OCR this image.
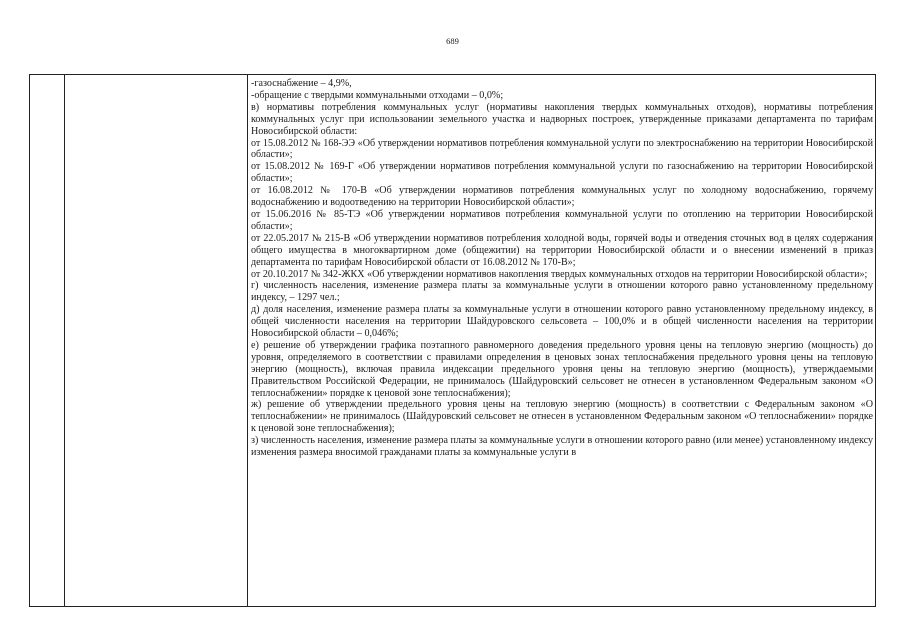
689

-газоснабжение – 4,9%,

-обращение с твердыми коммунальными отходами – 0,0%;

в) нормативы потребления коммунальных услуг (нормативы накопления твердых коммунальных отходов), нормативы потребления коммунальных услуг при использовании земельного участка и надворных построек, утвержденные приказами департамента по тарифам Новосибирской области:

от 15.08.2012 № 168-ЭЭ «Об утверждении нормативов потребления коммунальной услуги по электроснабжению на территории Новосибирской области»;

от 15.08.2012 № 169-Г «Об утверждении нормативов потребления коммунальной услуги по газоснабжению на территории Новосибирской области»;

от 16.08.2012 № 170-В «Об утверждении нормативов потребления коммунальных услуг по холодному водоснабжению, горячему водоснабжению и водоотведению на территории Новосибирской области»;

от 15.06.2016 № 85-ТЭ «Об утверждении нормативов потребления коммунальной услуги по отоплению на территории Новосибирской области»;

от 22.05.2017 № 215-В «Об утверждении нормативов потребления холодной воды, горячей воды и отведения сточных вод в целях содержания общего имущества в многоквартирном доме (общежитии) на территории Новосибирской области и о внесении изменений в приказ департамента по тарифам Новосибирской области от 16.08.2012 № 170-В»;

от 20.10.2017 № 342-ЖКХ «Об утверждении нормативов накопления твердых коммунальных отходов на территории Новосибирской области»;

г) численность населения, изменение размера платы за коммунальные услуги в отношении которого равно установленному предельному индексу, – 1297 чел.;

д) доля населения, изменение размера платы за коммунальные услуги в отношении которого равно установленному предельному индексу, в общей численности населения на территории Шайдуровского сельсовета – 100,0% и в общей численности населения на территории Новосибирской области – 0,046%;

е) решение об утверждении графика поэтапного равномерного доведения предельного уровня цены на тепловую энергию (мощность) до уровня, определяемого в соответствии с правилами определения в ценовых зонах теплоснабжения предельного уровня цены на тепловую энергию (мощность), включая правила индексации предельного уровня цены на тепловую энергию (мощность), утверждаемыми Правительством Российской Федерации, не принималось (Шайдуровский сельсовет не отнесен в установленном Федеральным законом «О теплоснабжении» порядке к ценовой зоне теплоснабжения);

ж) решение об утверждении предельного уровня цены на тепловую энергию (мощность) в соответствии с Федеральным законом «О теплоснабжении» не принималось (Шайдуровский сельсовет не отнесен в установленном Федеральным законом «О теплоснабжении» порядке к ценовой зоне теплоснабжения);

з) численность населения, изменение размера платы за коммунальные услуги в отношении которого равно (или менее) установленному индексу изменения размера вносимой гражданами платы за коммунальные услуги в
